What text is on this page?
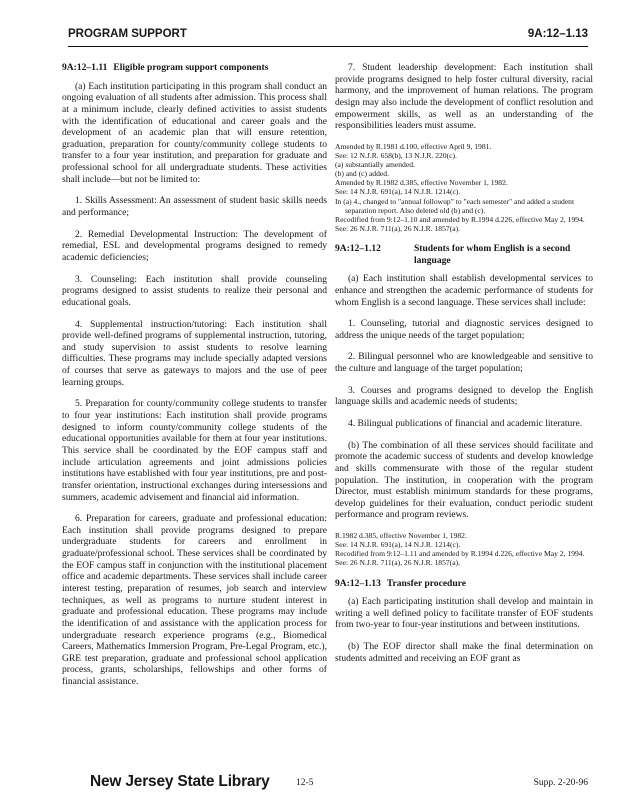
PROGRAM SUPPORT	9A:12–1.13
9A:12–1.11 Eligible program support components

(a) Each institution participating in this program shall conduct an ongoing evaluation of all students after admission. This process shall at a minimum include, clearly defined activities to assist students with the identification of educational and career goals and the development of an academic plan that will ensure retention, graduation, preparation for county/community college students to transfer to a four year institution, and preparation for graduate and professional school for all undergraduate students. These activities shall include—but not be limited to:

1. Skills Assessment: An assessment of student basic skills needs and performance;

2. Remedial Developmental Instruction: The development of remedial, ESL and developmental programs designed to remedy academic deficiencies;

3. Counseling: Each institution shall provide counseling programs designed to assist students to realize their personal and educational goals.

4. Supplemental instruction/tutoring: Each institution shall provide well-defined programs of supplemental instruction, tutoring, and study supervision to assist students to resolve learning difficulties. These programs may include specially adapted versions of courses that serve as gateways to majors and the use of peer learning groups.

5. Preparation for county/community college students to transfer to four year institutions: Each institution shall provide programs designed to inform county/community college students of the educational opportunities available for them at four year institutions. This service shall be coordinated by the EOF campus staff and include articulation agreements and joint admissions policies institutions have established with four year institutions, pre and post-transfer orientation, instructional exchanges during intersessions and summers, academic advisement and financial aid information.

6. Preparation for careers, graduate and professional education: Each institution shall provide programs designed to prepare undergraduate students for careers and enrollment in graduate/professional school. These services shall be coordinated by the EOF campus staff in conjunction with the institutional placement office and academic departments. These services shall include career interest testing, preparation of resumes, job search and interview techniques, as well as programs to nurture student interest in graduate and professional education. These programs may include the identification of and assistance with the application process for undergraduate research experience programs (e.g., Biomedical Careers, Mathematics Immersion Program, Pre-Legal Program, etc.), GRE test preparation, graduate and professional school application process, grants, scholarships, fellowships and other forms of financial assistance.

7. Student leadership development: Each institution shall provide programs designed to help foster cultural diversity, racial harmony, and the improvement of human relations. The program design may also include the development of conflict resolution and empowerment skills, as well as an understanding of the responsibilities leaders must assume.

Amended by R.1981 d.100, effective April 9, 1981.
See: 12 N.J.R. 658(b), 13 N.J.R. 220(c).
(a) substantially amended.
(b) and (c) added.
Amended by R.1982 d.385, effective November 1, 1982.
See: 14 N.J.R. 691(a), 14 N.J.R. 1214(c).
In (a) 4., changed to "annual followup" to "each semester" and added a student separation report. Also deleted old (b) and (c).
Recodified from 9:12–1.10 and amended by R.1994 d.226, effective May 2, 1994.
See: 26 N.J.R. 711(a), 26 N.J.R. 1857(a).
9A:12–1.12	Students for whom English is a second language

(a) Each institution shall establish developmental services to enhance and strengthen the academic performance of students for whom English is a second language. These services shall include:

1. Counseling, tutorial and diagnostic services designed to address the unique needs of the target population;

2. Bilingual personnel who are knowledgeable and sensitive to the culture and language of the target population;

3. Courses and programs designed to develop the English language skills and academic needs of students;

4. Bilingual publications of financial and academic literature.

(b) The combination of all these services should facilitate and promote the academic success of students and develop knowledge and skills commensurate with those of the regular student population. The institution, in cooperation with the program Director, must establish minimum standards for these programs, develop guidelines for their evaluation, conduct periodic student performance and program reviews.

R.1982 d.385, effective November 1, 1982.
See: 14 N.J.R. 691(a), 14 N.J.R. 1214(c).
Recodified from 9:12–1.11 and amended by R.1994 d.226, effective May 2, 1994.
See: 26 N.J.R. 711(a), 26 N.J.R. 1857(a).
9A:12–1.13 Transfer procedure

(a) Each participating institution shall develop and maintain in writing a well defined policy to facilitate transfer of EOF students from two-year to four-year institutions and between institutions.

(b) The EOF director shall make the final determination on students admitted and receiving an EOF grant as

New Jersey State Library	12-5	Supp. 2-20-96
